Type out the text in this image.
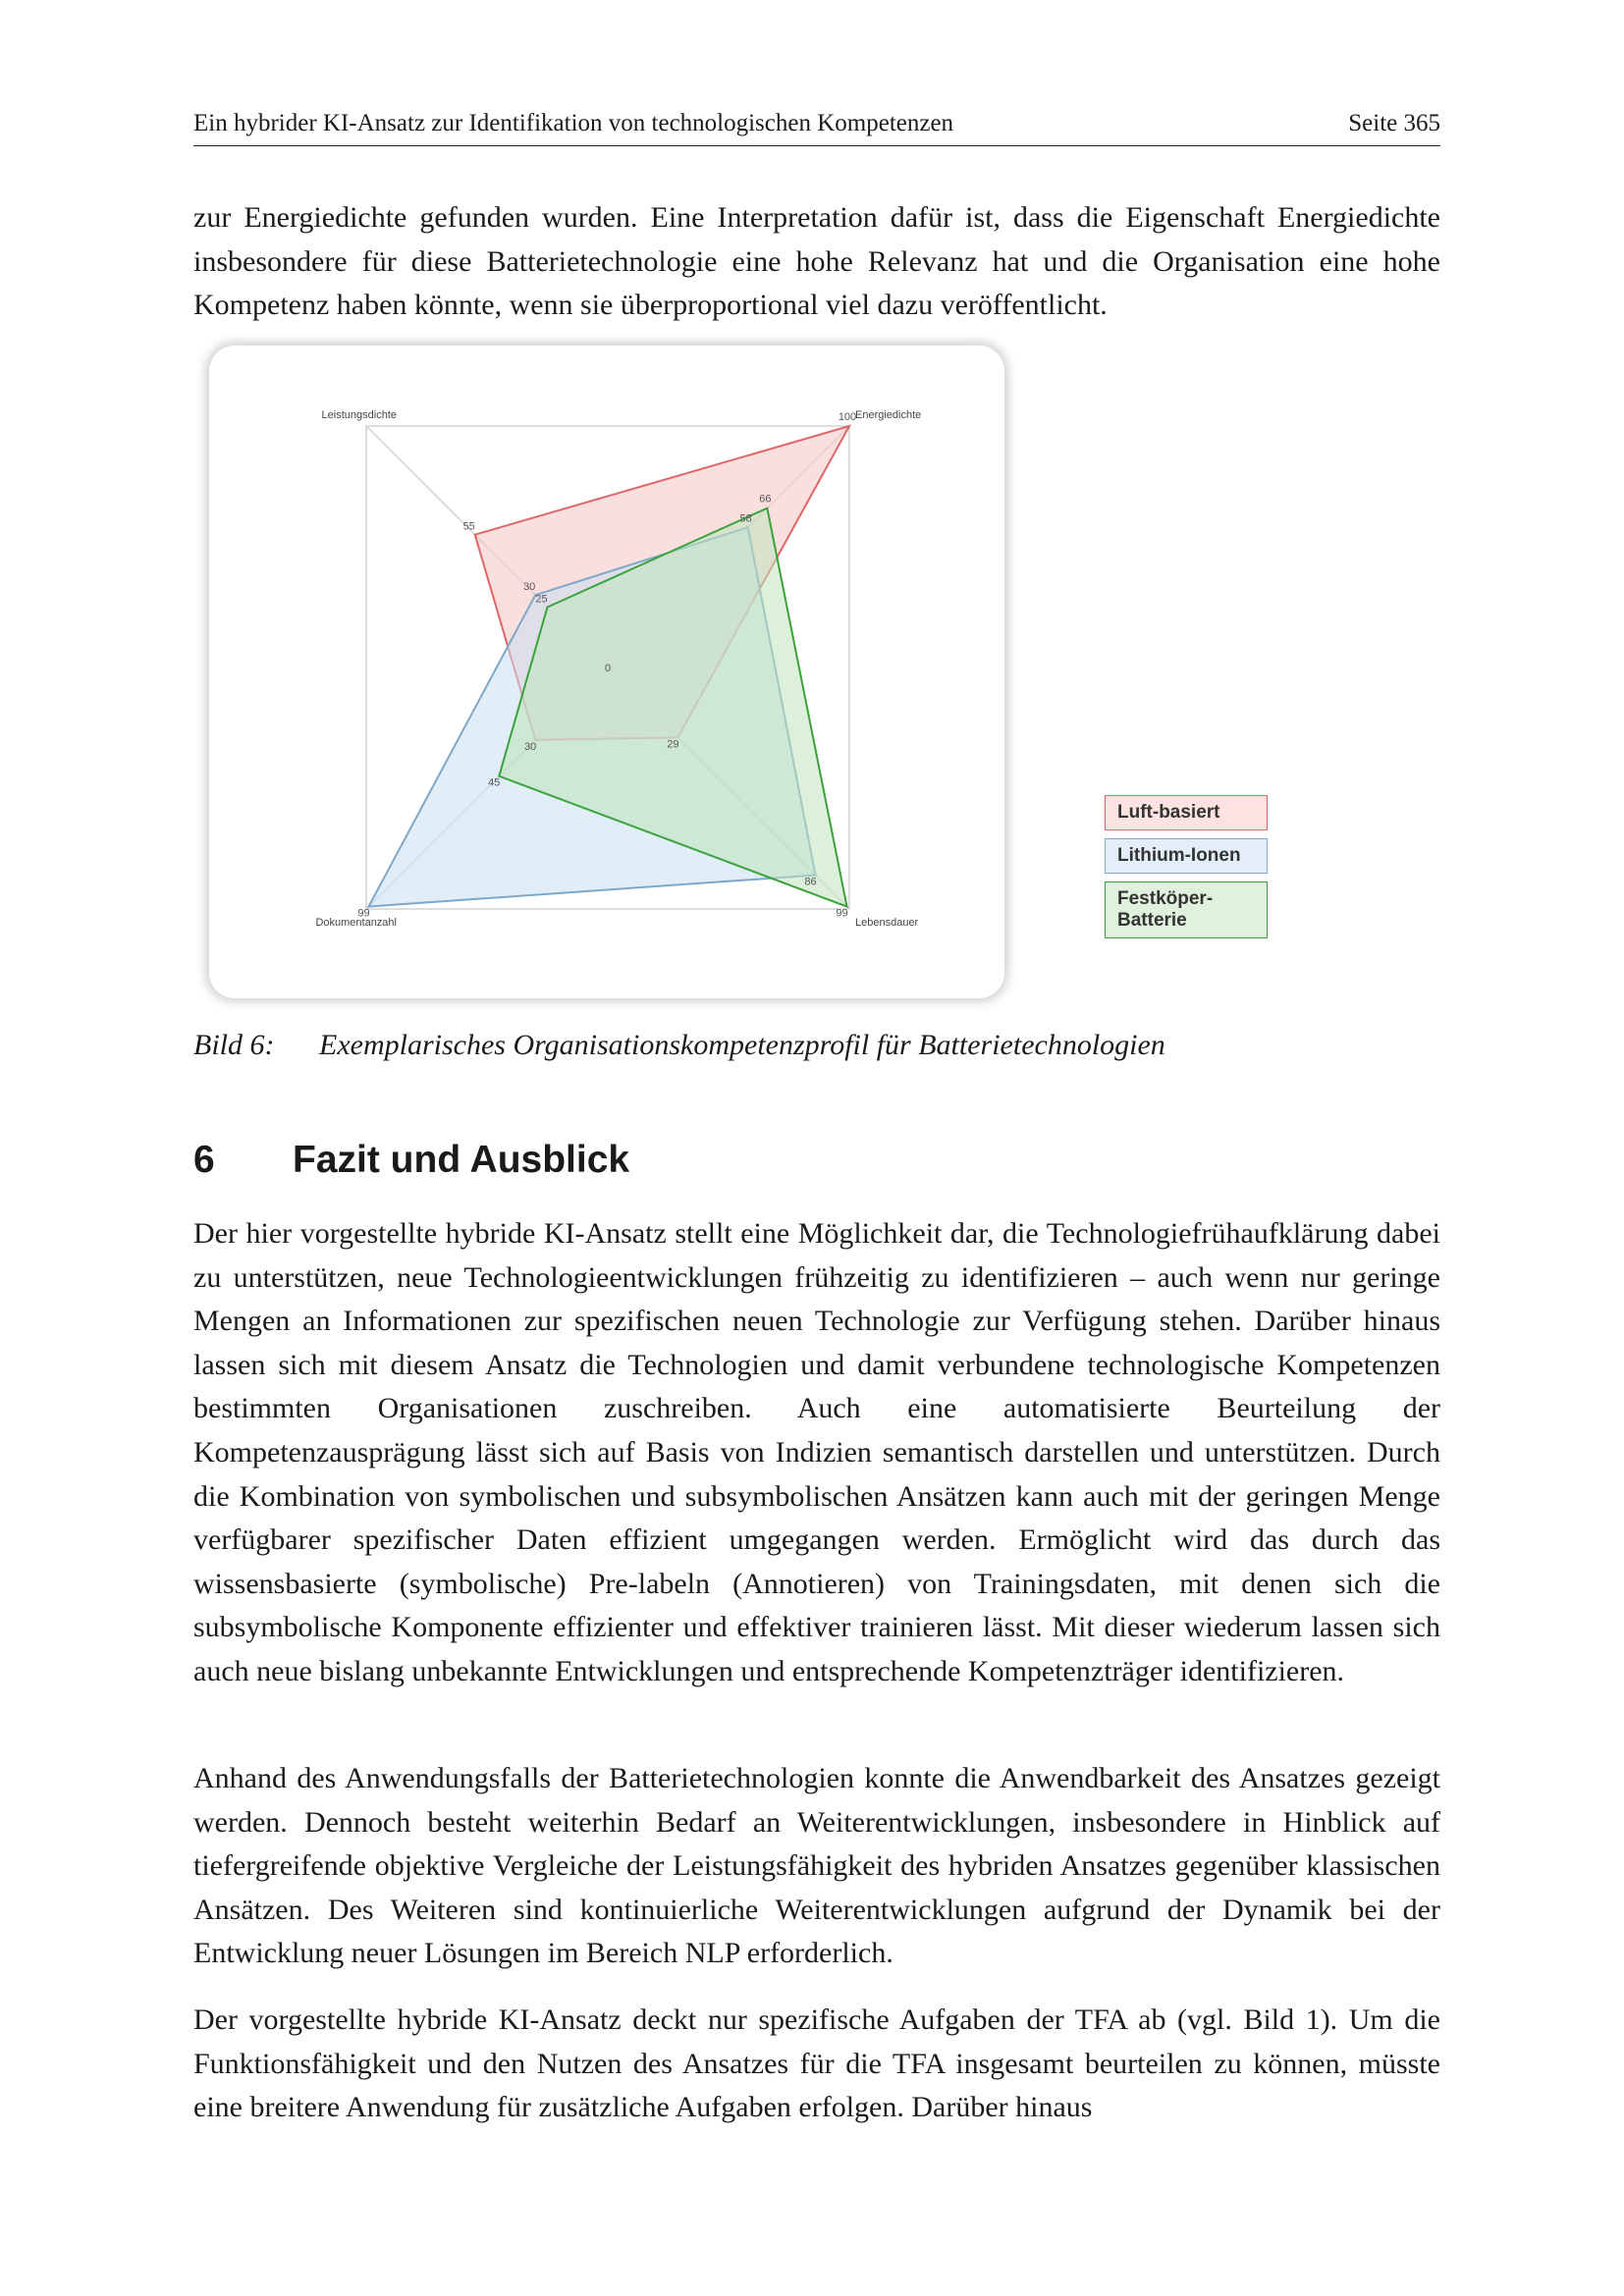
Ein hybrider KI-Ansatz zur Identifikation von technologischen Kompetenzen	Seite 365

zur Energiedichte gefunden wurden. Eine Interpretation dafür ist, dass die Eigenschaft Energiedichte insbesondere für diese Batterietechnologie eine hohe Relevanz hat und die Organisation eine hohe Kompetenz haben könnte, wenn sie überproportional viel dazu veröffentlicht.

55
100
29
30
30
58
86
99
25
66
99
45
0
Leistungsdichte	Energiedichte
Lebensdauer
Dokumentanzahl
Luft-basiert
Lithium-Ionen
Festköper-Batterie
Bild 6: Exemplarisches Organisationskompetenzprofil für Batterietechnologien
6 Fazit und Ausblick

Der hier vorgestellte hybride KI-Ansatz stellt eine Möglichkeit dar, die Technologiefrühaufklärung dabei zu unterstützen, neue Technologieentwicklungen frühzeitig zu identifizieren – auch wenn nur geringe Mengen an Informationen zur spezifischen neuen Technologie zur Verfügung stehen. Darüber hinaus lassen sich mit diesem Ansatz die Technologien und damit verbundene technologische Kompetenzen bestimmten Organisationen zuschreiben. Auch eine automatisierte Beurteilung der Kompetenzausprägung lässt sich auf Basis von Indizien semantisch darstellen und unterstützen. Durch die Kombination von symbolischen und subsymbolischen Ansätzen kann auch mit der geringen Menge verfügbarer spezifischer Daten effizient umgegangen werden. Ermöglicht wird das durch das wissensbasierte (symbolische) Pre-labeln (Annotieren) von Trainingsdaten, mit denen sich die subsymbolische Komponente effizienter und effektiver trainieren lässt. Mit dieser wiederum lassen sich auch neue bislang unbekannte Entwicklungen und entsprechende Kompetenzträger identifizieren.

Anhand des Anwendungsfalls der Batterietechnologien konnte die Anwendbarkeit des Ansatzes gezeigt werden. Dennoch besteht weiterhin Bedarf an Weiterentwicklungen, insbesondere in Hinblick auf tiefergreifende objektive Vergleiche der Leistungsfähigkeit des hybriden Ansatzes gegenüber klassischen Ansätzen. Des Weiteren sind kontinuierliche Weiterentwicklungen aufgrund der Dynamik bei der Entwicklung neuer Lösungen im Bereich NLP erforderlich.

Der vorgestellte hybride KI-Ansatz deckt nur spezifische Aufgaben der TFA ab (vgl. Bild 1). Um die Funktionsfähigkeit und den Nutzen des Ansatzes für die TFA insgesamt beurteilen zu können, müsste eine breitere Anwendung für zusätzliche Aufgaben erfolgen. Darüber hinaus
